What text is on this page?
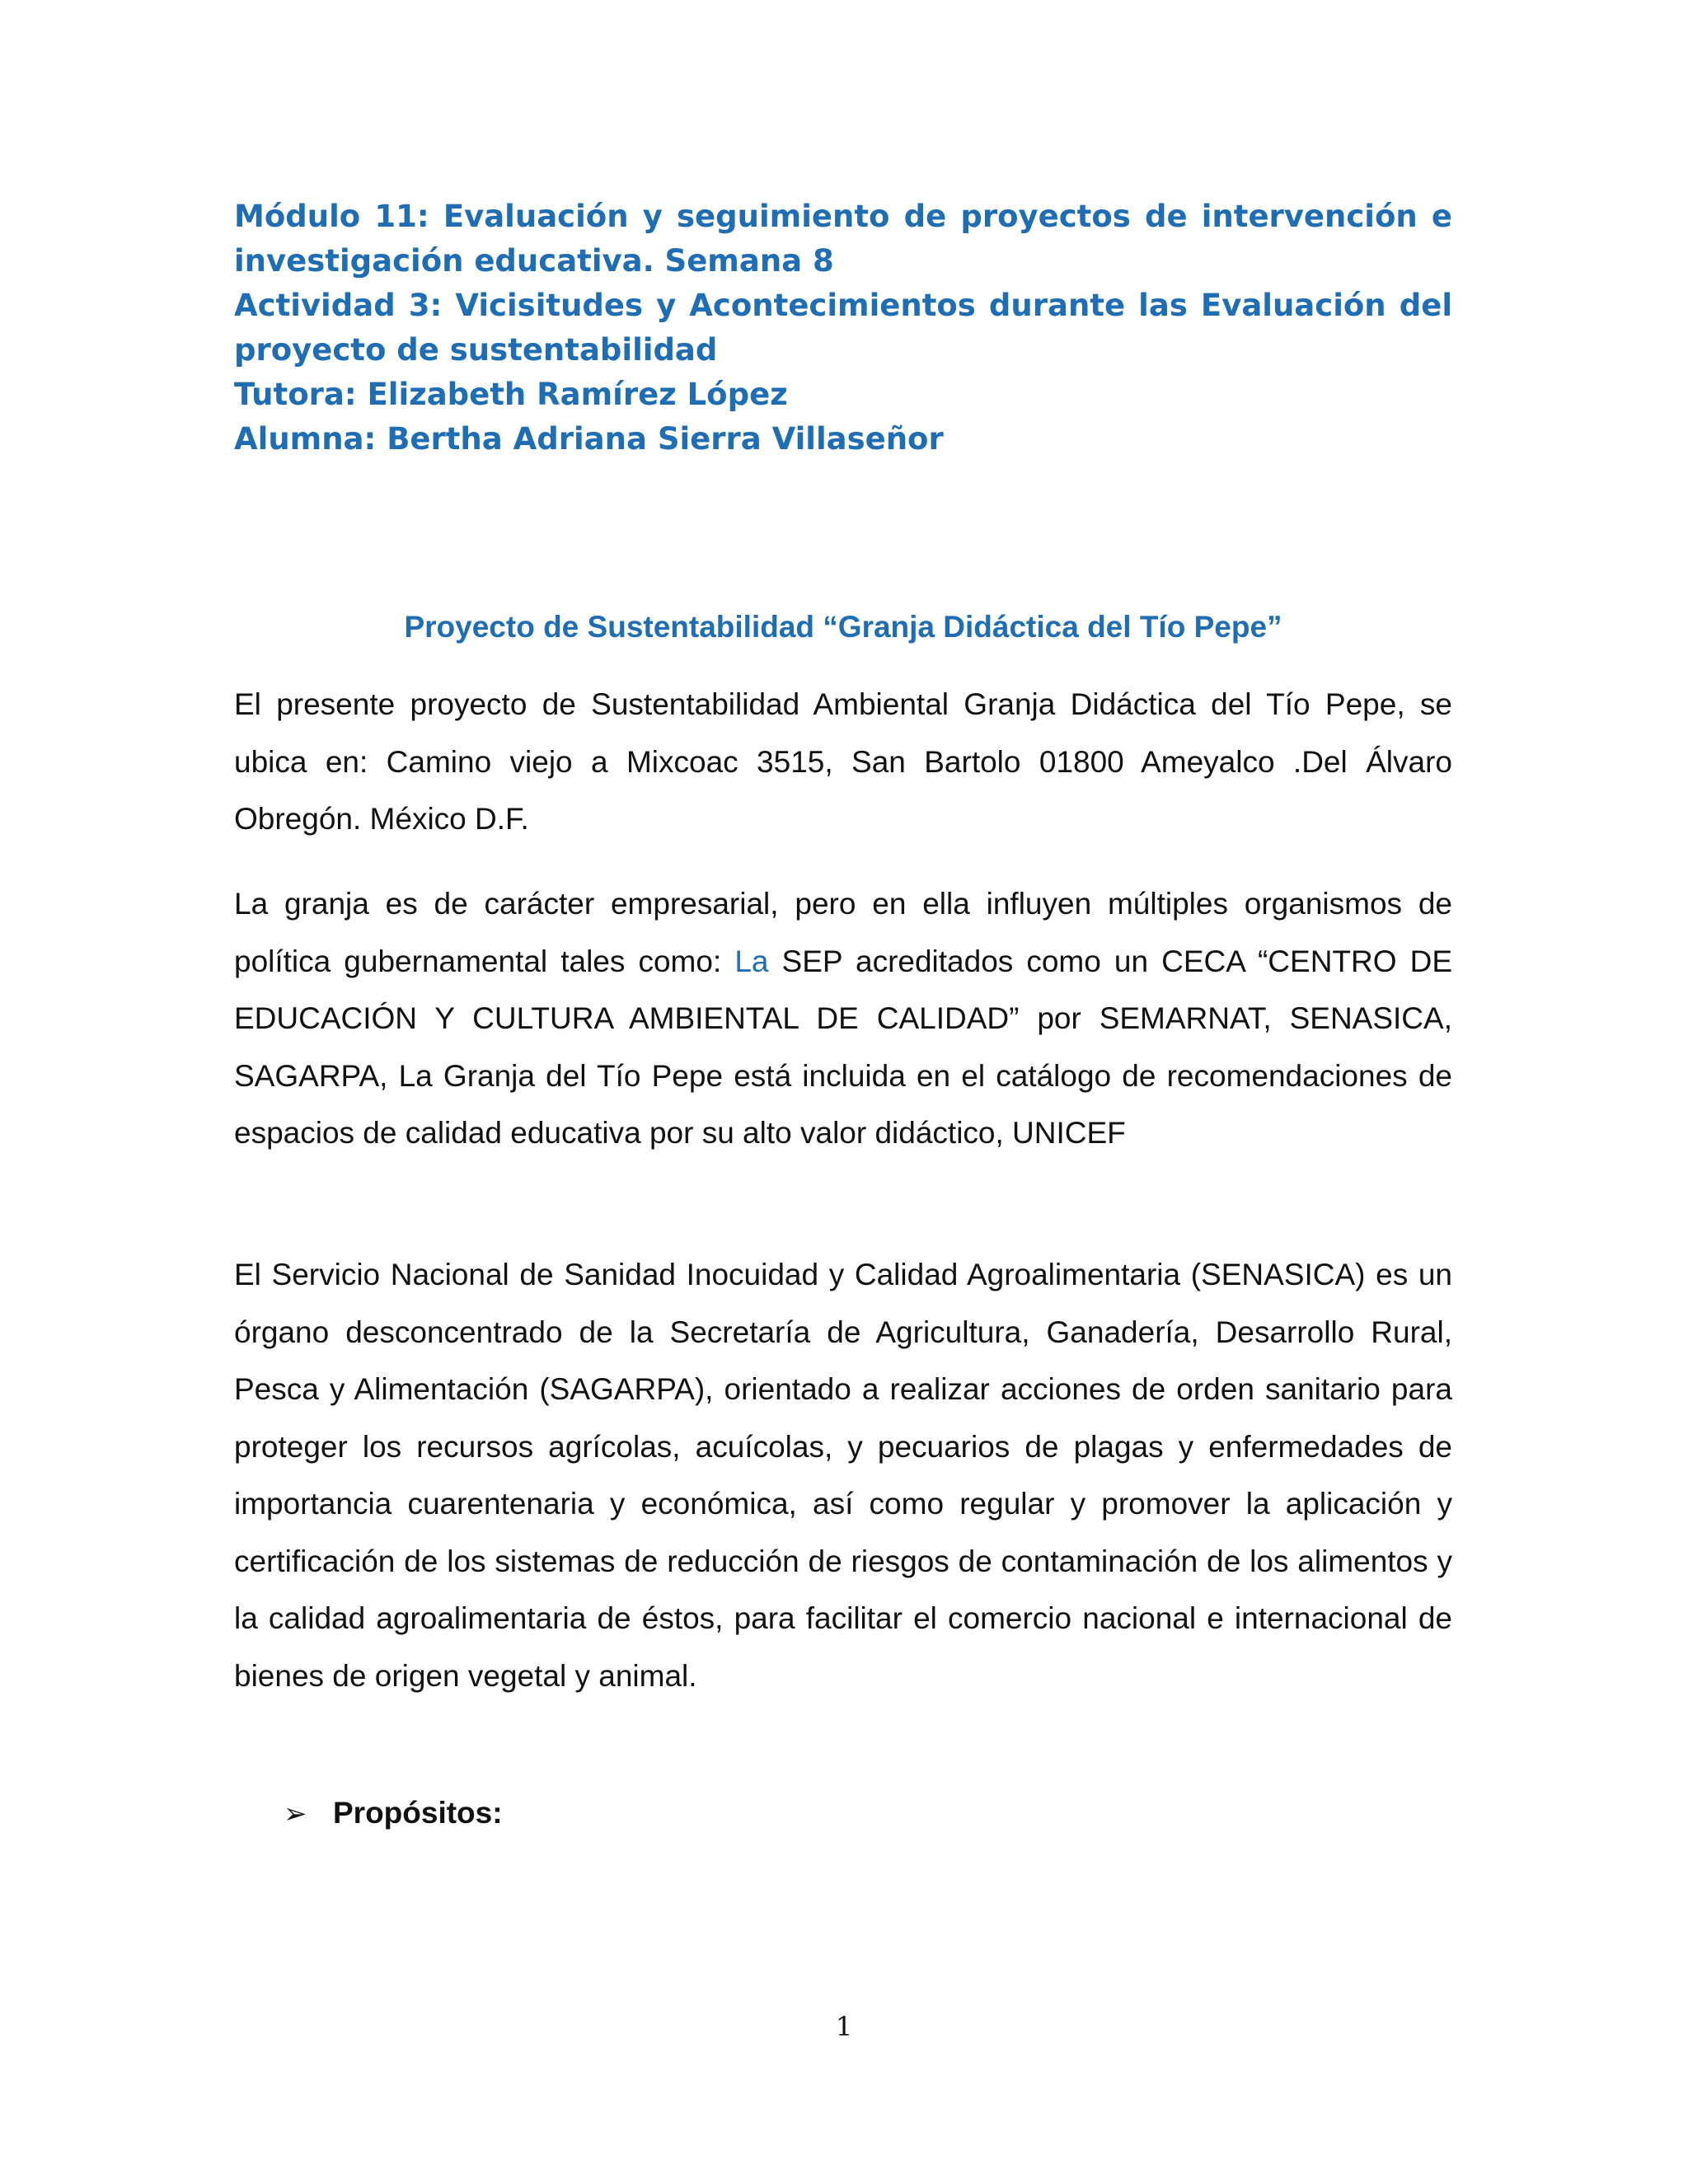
Módulo 11: Evaluación y seguimiento de proyectos de intervención e investigación educativa. Semana 8

Actividad 3: Vicisitudes y Acontecimientos durante las Evaluación del proyecto de sustentabilidad

Tutora: Elizabeth Ramírez López

Alumna: Bertha Adriana Sierra Villaseñor

Proyecto de Sustentabilidad “Granja Didáctica del Tío Pepe”

El presente proyecto de Sustentabilidad Ambiental Granja Didáctica del Tío Pepe, se ubica en: Camino viejo a Mixcoac 3515, San Bartolo 01800 Ameyalco .Del Álvaro Obregón. México D.F.

La granja es de carácter empresarial, pero en ella influyen múltiples organismos de política gubernamental tales como: La SEP acreditados como un CECA “CENTRO DE EDUCACIÓN Y CULTURA AMBIENTAL DE CALIDAD” por SEMARNAT, SENASICA, SAGARPA, La Granja del Tío Pepe está incluida en el catálogo de recomendaciones de espacios de calidad educativa por su alto valor didáctico, UNICEF

El Servicio Nacional de Sanidad Inocuidad y Calidad Agroalimentaria (SENASICA) es un órgano desconcentrado de la Secretaría de Agricultura, Ganadería, Desarrollo Rural, Pesca y Alimentación (SAGARPA), orientado a realizar acciones de orden sanitario para proteger los recursos agrícolas, acuícolas, y pecuarios de plagas y enfermedades de importancia cuarentenaria y económica, así como regular y promover la aplicación y certificación de los sistemas de reducción de riesgos de contaminación de los alimentos y la calidad agroalimentaria de éstos, para facilitar el comercio nacional e internacional de bienes de origen vegetal y animal.

➢ Propósitos:
1
